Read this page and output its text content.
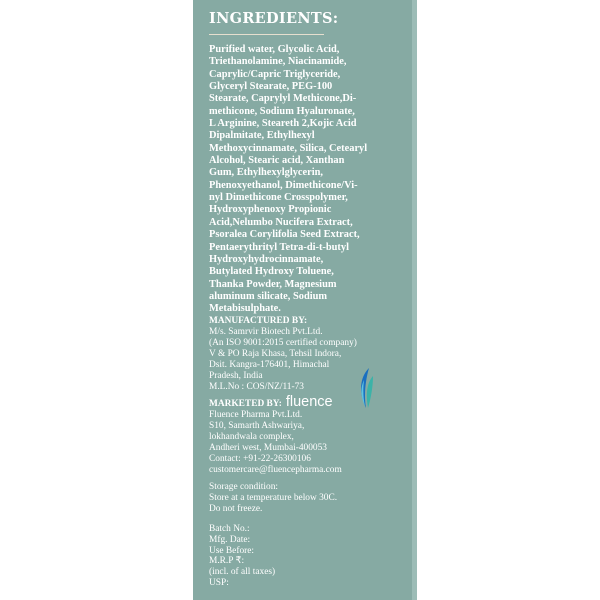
INGREDIENTS:
Purified water, Glycolic Acid,
Triethanolamine, Niacinamide,
Caprylic/Capric Triglyceride,
Glyceryl Stearate, PEG-100
Stearate, Caprylyl Methicone,Di-
methicone, Sodium Hyaluronate,
L Arginine, Steareth 2,Kojic Acid
Dipalmitate, Ethylhexyl
Methoxycinnamate, Silica, Cetearyl
Alcohol, Stearic acid, Xanthan
Gum, Ethylhexylglycerin,
Phenoxyethanol, Dimethicone/Vi-
nyl Dimethicone Crosspolymer,
Hydroxyphenoxy Propionic
Acid,Nelumbo Nucifera Extract,
Psoralea Corylifolia Seed Extract,
Pentaerythrityl Tetra-di-t-butyl
Hydroxyhydrocinnamate,
Butylated Hydroxy Toluene,
Thanka Powder, Magnesium
aluminum silicate, Sodium
Metabisulphate.
MANUFACTURED BY:
M/s. Samrvir Biotech Pvt.Ltd.
(An ISO 9001:2015 certified company)
V & PO Raja Khasa, Tehsil Indora,
Dsit. Kangra-176401, Himachal
Pradesh, India
M.L.No : COS/NZ/11-73
MARKETED BY: fluence
Fluence Pharma Pvt.Ltd.
S10, Samarth Ashwariya,
lokhandwala complex,
Andheri west, Mumbai-400053
Contact: +91-22-26300106
customercare@fluencepharma.com
Storage condition:
Store at a temperature below 30C.
Do not freeze.
Batch No.:
Mfg. Date:
Use Before:
M.R.P ₹:
(incl. of all taxes)
USP:
